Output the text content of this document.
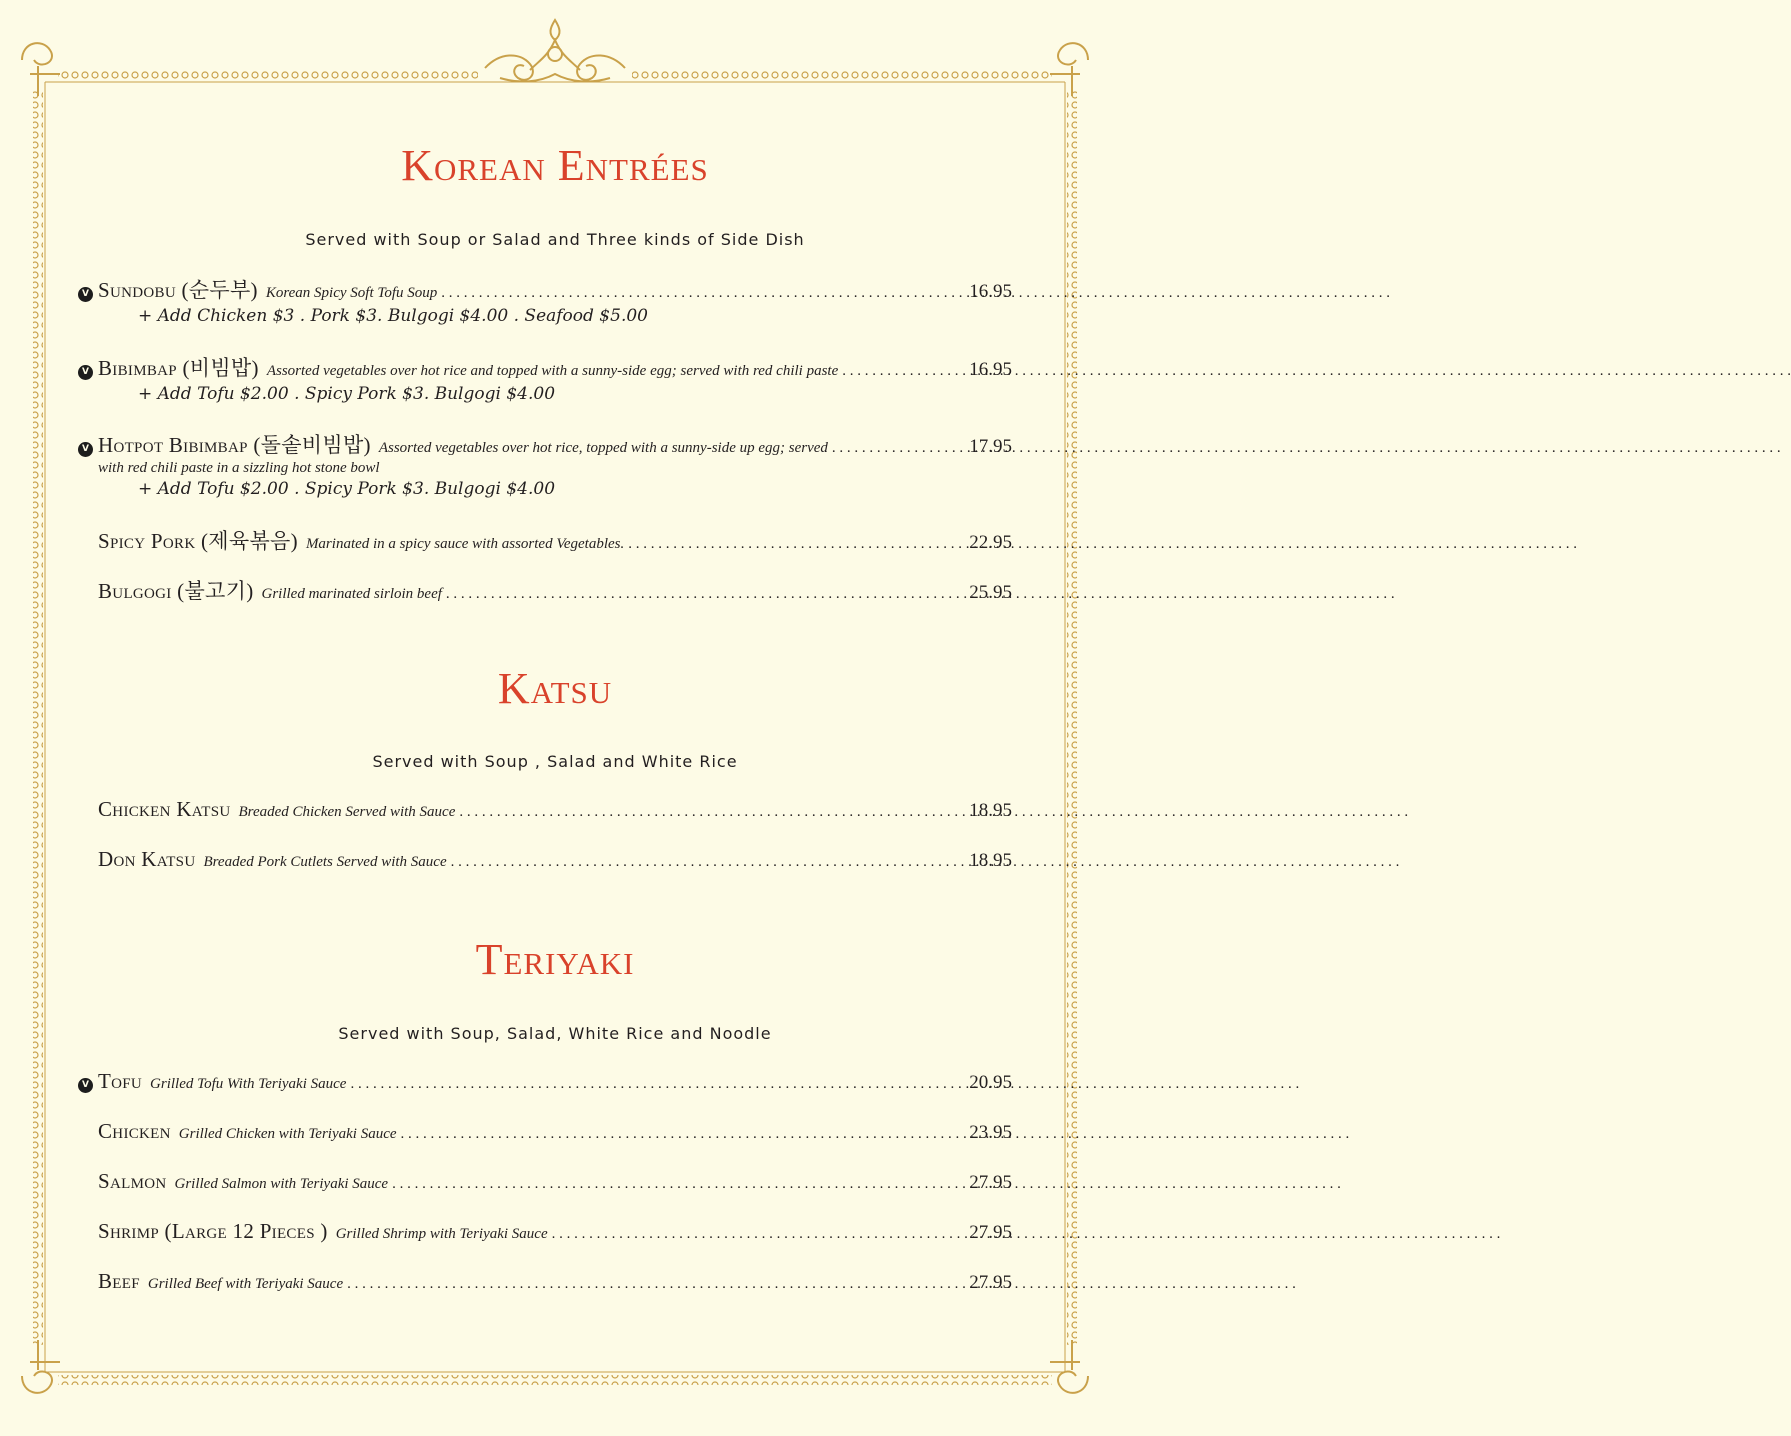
Korean Entrées

Served with Soup or Salad and Three kinds of Side Dish

V Sundobu (순두부) Korean Spicy Soft Tofu Soup . . .	16.95
+ Add Chicken $3 . Pork $3. Bulgogi $4.00 . Seafood $5.00
V Bibimbap (비빔밥) Assorted vegetables over hot rice and topped with a sunny-side egg; served with red chili paste . . .	16.95
+ Add Tofu $2.00 . Spicy Pork $3. Bulgogi $4.00
V Hotpot Bibimbap (돌솥비빔밥) Assorted vegetables over hot rice, topped with a sunny-side up egg; served . . .	17.95
with red chili paste in a sizzling hot stone bowl
+ Add Tofu $2.00 . Spicy Pork $3. Bulgogi $4.00
Spicy Pork (제육볶음) Marinated in a spicy sauce with assorted Vegetables. . . .	22.95
Bulgogi (불고기) Grilled marinated sirloin beef . . .	25.95
Katsu

Served with Soup , Salad and White Rice

Chicken Katsu Breaded Chicken Served with Sauce . . .	18.95
Don Katsu Breaded Pork Cutlets Served with Sauce . . .	18.95
Teriyaki

Served with Soup, Salad, White Rice and Noodle

V Tofu Grilled Tofu With Teriyaki Sauce . . .	20.95
Chicken Grilled Chicken with Teriyaki Sauce . . .	23.95
Salmon Grilled Salmon with Teriyaki Sauce . . .	27.95
Shrimp (Large 12 Pieces ) Grilled Shrimp with Teriyaki Sauce . . .	27.95
Beef Grilled Beef with Teriyaki Sauce . . .	27.95
